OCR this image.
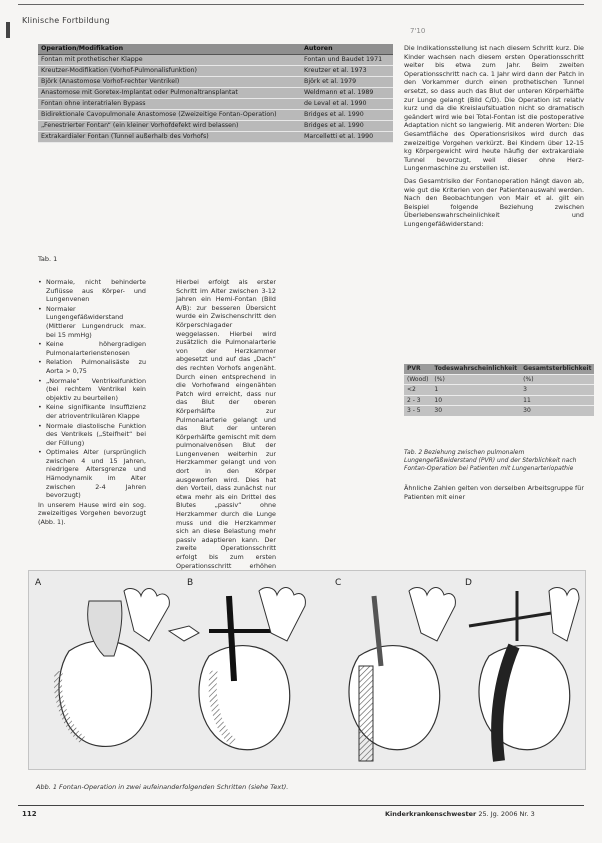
Klinische Fortbildung
7'10
Operation/Modifikation	Autoren
Fontan mit prothetischer Klappe	Fontan und Baudet 1971
Kreutzer-Modifikation (Vorhof-Pulmonalisfunktion)	Kreutzer et al. 1973
Björk (Anastomose Vorhof-rechter Ventrikel)	Björk et al. 1979
Anastomose mit Goretex-Implantat oder Pulmonaltransplantat	Weldmann et al. 1989
Fontan ohne interatrialen Bypass	de Leval et al. 1990
Bidirektionale Cavopulmonale Anastomose (Zweizeitige Fontan-Operation)	Bridges et al. 1990
„Fenestrierter Fontan“ (ein kleiner Vorhofdefekt wird belassen)	Bridges et al. 1990
Extrakardialer Fontan (Tunnel außerhalb des Vorhofs)	Marcelletti et al. 1990
Tab. 1
• Normale, nicht behinderte Zuflüsse aus Körper- und Lungenvenen
• Normaler Lungengefäßwiderstand (Mittlerer Lungendruck max. bei 15 mmHg)
• Keine höhergradigen Pulmonalarterienstenosen
• Relation Pulmonalisäste zu Aorta > 0,75
• „Normale“ Ventrikelfunktion (bei rechtem Ventrikel kein objektiv zu beurteilen)
• Keine signifikante Insuffizienz der atrioventrikulären Klappe
• Normale diastolische Funktion des Ventrikels („Steifheit“ bei der Füllung)
• Optimales Alter (ursprünglich zwischen 4 und 15 Jahren, niedrigere Altersgrenze und Hämodynamik im Alter zwischen 2-4 Jahren bevorzugt)

In unserem Hause wird ein sog. zweizeitiges Vorgehen bevorzugt (Abb. 1).

Hierbei erfolgt als erster Schritt im Alter zwischen 3-12 Jahren ein Hemi-Fontan (Bild A/B): zur besseren Übersicht wurde ein Zwischenschritt den Körperschlagader weggelassen. Hierbei wird zusätzlich die Pulmonalarterie von der Herzkammer abgesetzt und auf das „Dach“ des rechten Vorhofs angenäht. Durch einen entsprechend in die Vorhofwand eingenähten Patch wird erreicht, dass nur das Blut der oberen Körperhälfte zur Pulmonalarterie gelangt und das Blut der unteren Körperhälfte gemischt mit dem pulmonalvenösen Blut der Lungenvenen weiterhin zur Herzkammer gelangt und von dort in den Körper ausgeworfen wird. Dies hat den Vorteil, dass zunächst nur etwa mehr als ein Drittel des Blutes „passiv“ ohne Herzkammer durch die Lunge muss und die Herzkammer sich an diese Belastung mehr passiv adaptieren kann. Der zweite Operationsschritt erfolgt bis zum ersten Operationsschritt erhöhen

Die Indikationsstellung ist nach diesem Schritt kurz. Die Kinder wachsen nach diesem ersten Operationsschritt weiter bis etwa zum Jahr. Beim zweiten Operationsschritt nach ca. 1 Jahr wird dann der Patch in den Vorkammer durch einen prothetischen Tunnel ersetzt, so dass auch das Blut der unteren Körperhälfte zur Lunge gelangt (Bild C/D). Die Operation ist relativ kurz und da die Kreislaufsituation nicht so dramatisch geändert wird wie bei Total-Fontan ist die postoperative Adaptation nicht so langwierig. Mit anderen Worten: Die Gesamtfläche des Operationsrisikos wird durch das zweizeitige Vorgehen verkürzt. Bei Kindern über 12-15 kg Körpergewicht wird heute häufig der extrakardiale Tunnel bevorzugt, weil dieser ohne Herz-Lungenmaschine zu erstellen ist.

Das Gesamtrisiko der Fontanoperation hängt davon ab, wie gut die Kriterien von der Patientenauswahl werden. Nach den Beobachtungen von Mair et al. gilt ein Beispiel folgende Beziehung zwischen Überlebenswahrscheinlichkeit und Lungengefäßwiderstand:

PVR	Todeswahrscheinlichkeit	Gesamtsterblichkeit
(Wood)	(%)	(%)
<2	1	3
2 - 3	10	11
3 - 5	30	30
Tab. 2 Beziehung zwischen pulmonalem Lungengefäßwiderstand (PVR) und der Sterblichkeit nach Fontan-Operation bei Patienten mit Lungenarteriopathie

Ähnliche Zahlen gelten von derselben Arbeitsgruppe für Patienten mit einer

A	B	C	D
Abb. 1 Fontan-Operation in zwei aufeinanderfolgenden Schritten (siehe Text).
112	Kinderkrankenschwester 25. Jg. 2006 Nr. 3
